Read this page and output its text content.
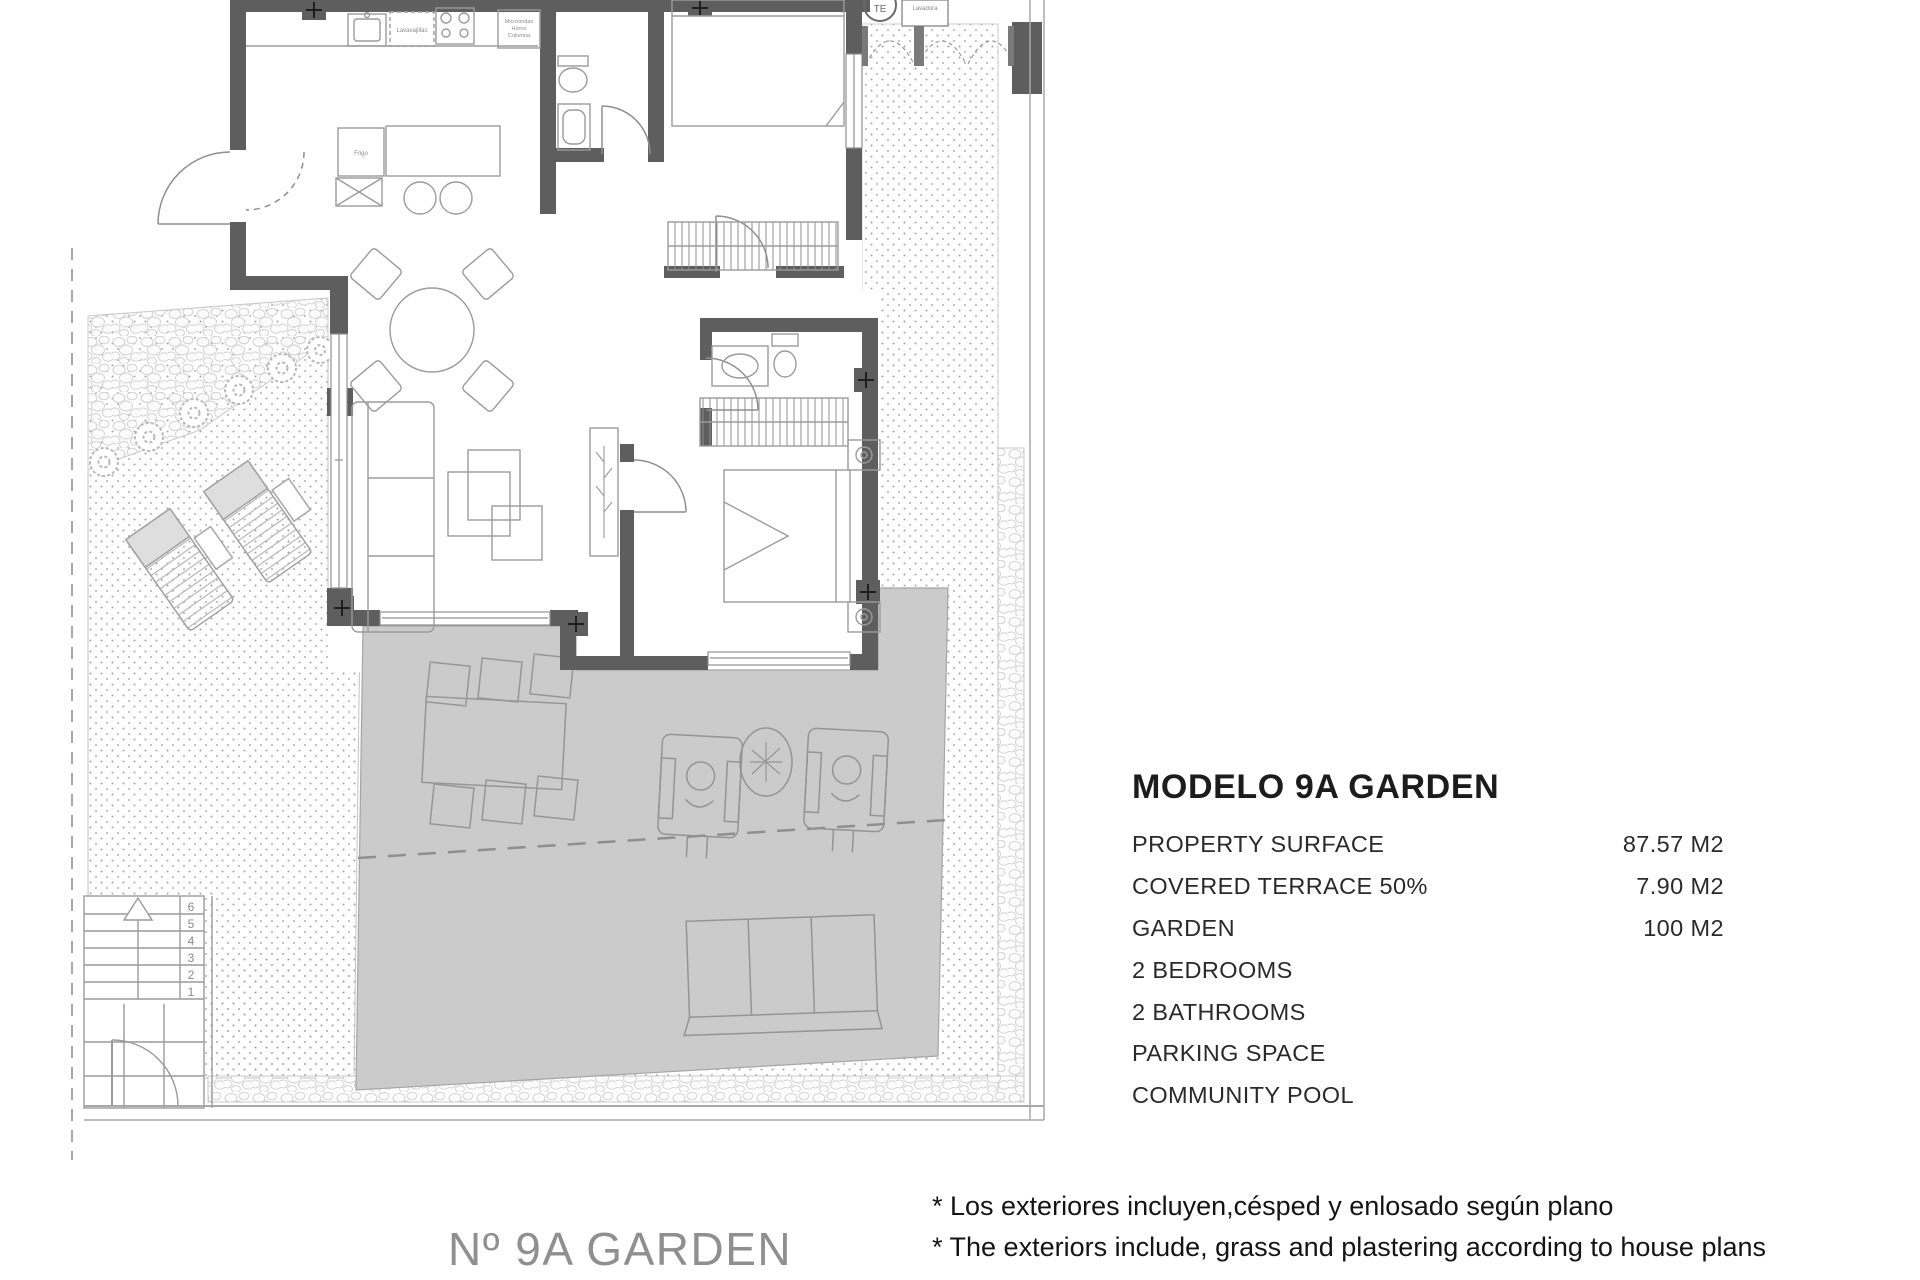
TE	Lavadora
6
5
4
3
2
1
Lavavajillas
Microondas
Horno
Columna
Frigo
MODELO 9A GARDEN
PROPERTY SURFACE	87.57 M2
COVERED TERRACE 50%	7.90 M2
GARDEN	100 M2
2 BEDROOMS
2 BATHROOMS
PARKING SPACE
COMMUNITY POOL
* Los exteriores incluyen,césped y enlosado según plano
* The exteriors include, grass and plastering according to house plans
Nº 9A GARDEN
